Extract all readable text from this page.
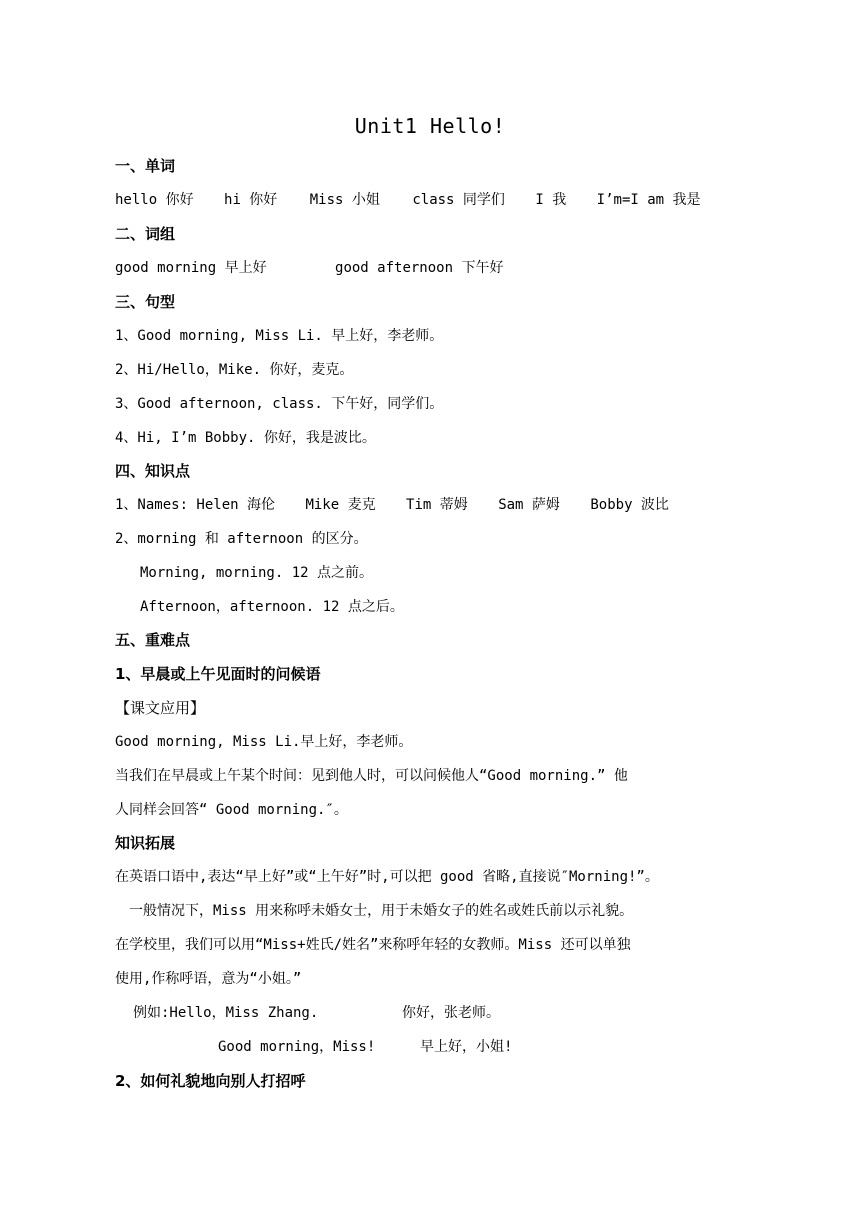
Unit1 Hello!
一、单词
hello 你好 hi 你好 Miss 小姐 class 同学们 I 我 I’m=I am 我是
二、词组
good morning 早上好	good afternoon 下午好
三、句型
1、Good morning, Miss Li. 早上好，李老师。
2、Hi/Hello，Mike. 你好，麦克。
3、Good afternoon, class. 下午好，同学们。
4、Hi, I’m Bobby. 你好，我是波比。
四、知识点
1、Names: Helen 海伦 Mike 麦克 Tim 蒂姆 Sam 萨姆 Bobby 波比
2、morning 和 afternoon 的区分。
Morning, morning. 12 点之前。
Afternoon，afternoon. 12 点之后。
五、重难点
1、早晨或上午见面时的问候语
【课文应用】
Good morning, Miss Li.早上好，李老师。
当我们在早晨或上午某个时间：见到他人时，可以问候他人“Good morning.” 他
人同样会回答“ Good morning.″。
知识拓展
在英语口语中,表达“早上好”或“上午好”时,可以把 good 省略,直接说″Morning!”。
一般情况下，Miss 用来称呼未婚女士，用于未婚女子的姓名或姓氏前以示礼貌。
在学校里，我们可以用“Miss+姓氏/姓名”来称呼年轻的女教师。Miss 还可以单独
使用,作称呼语，意为“小姐。”
例如:Hello，Miss Zhang.	你好，张老师。
Good morning，Miss!	早上好，小姐!
2、如何礼貌地向别人打招呼
